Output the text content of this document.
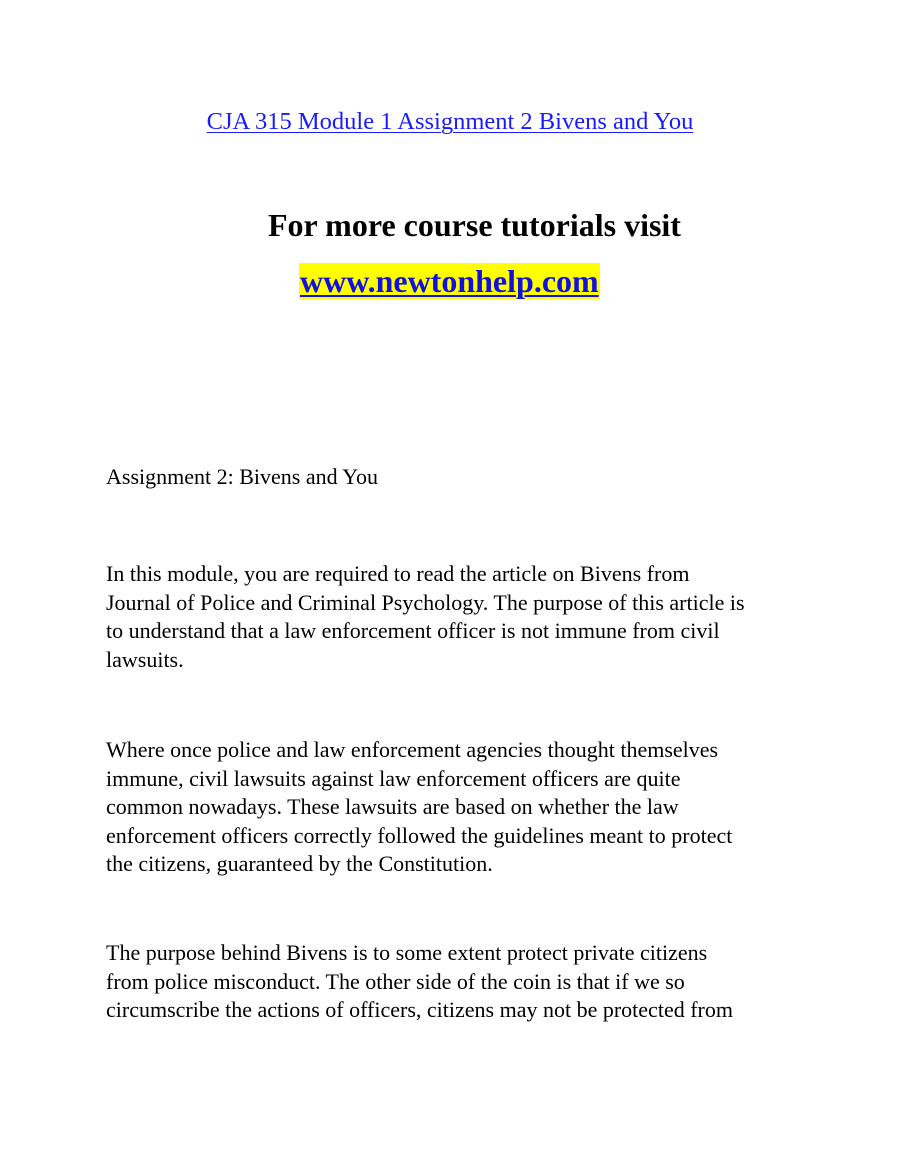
CJA 315 Module 1 Assignment 2 Bivens and You
For more course tutorials visit
www.newtonhelp.com
Assignment 2: Bivens and You

In this module, you are required to read the article on Bivens from
Journal of Police and Criminal Psychology. The purpose of this article is
to understand that a law enforcement officer is not immune from civil
lawsuits.

Where once police and law enforcement agencies thought themselves
immune, civil lawsuits against law enforcement officers are quite
common nowadays. These lawsuits are based on whether the law
enforcement officers correctly followed the guidelines meant to protect
the citizens, guaranteed by the Constitution.

The purpose behind Bivens is to some extent protect private citizens
from police misconduct. The other side of the coin is that if we so
circumscribe the actions of officers, citizens may not be protected from
